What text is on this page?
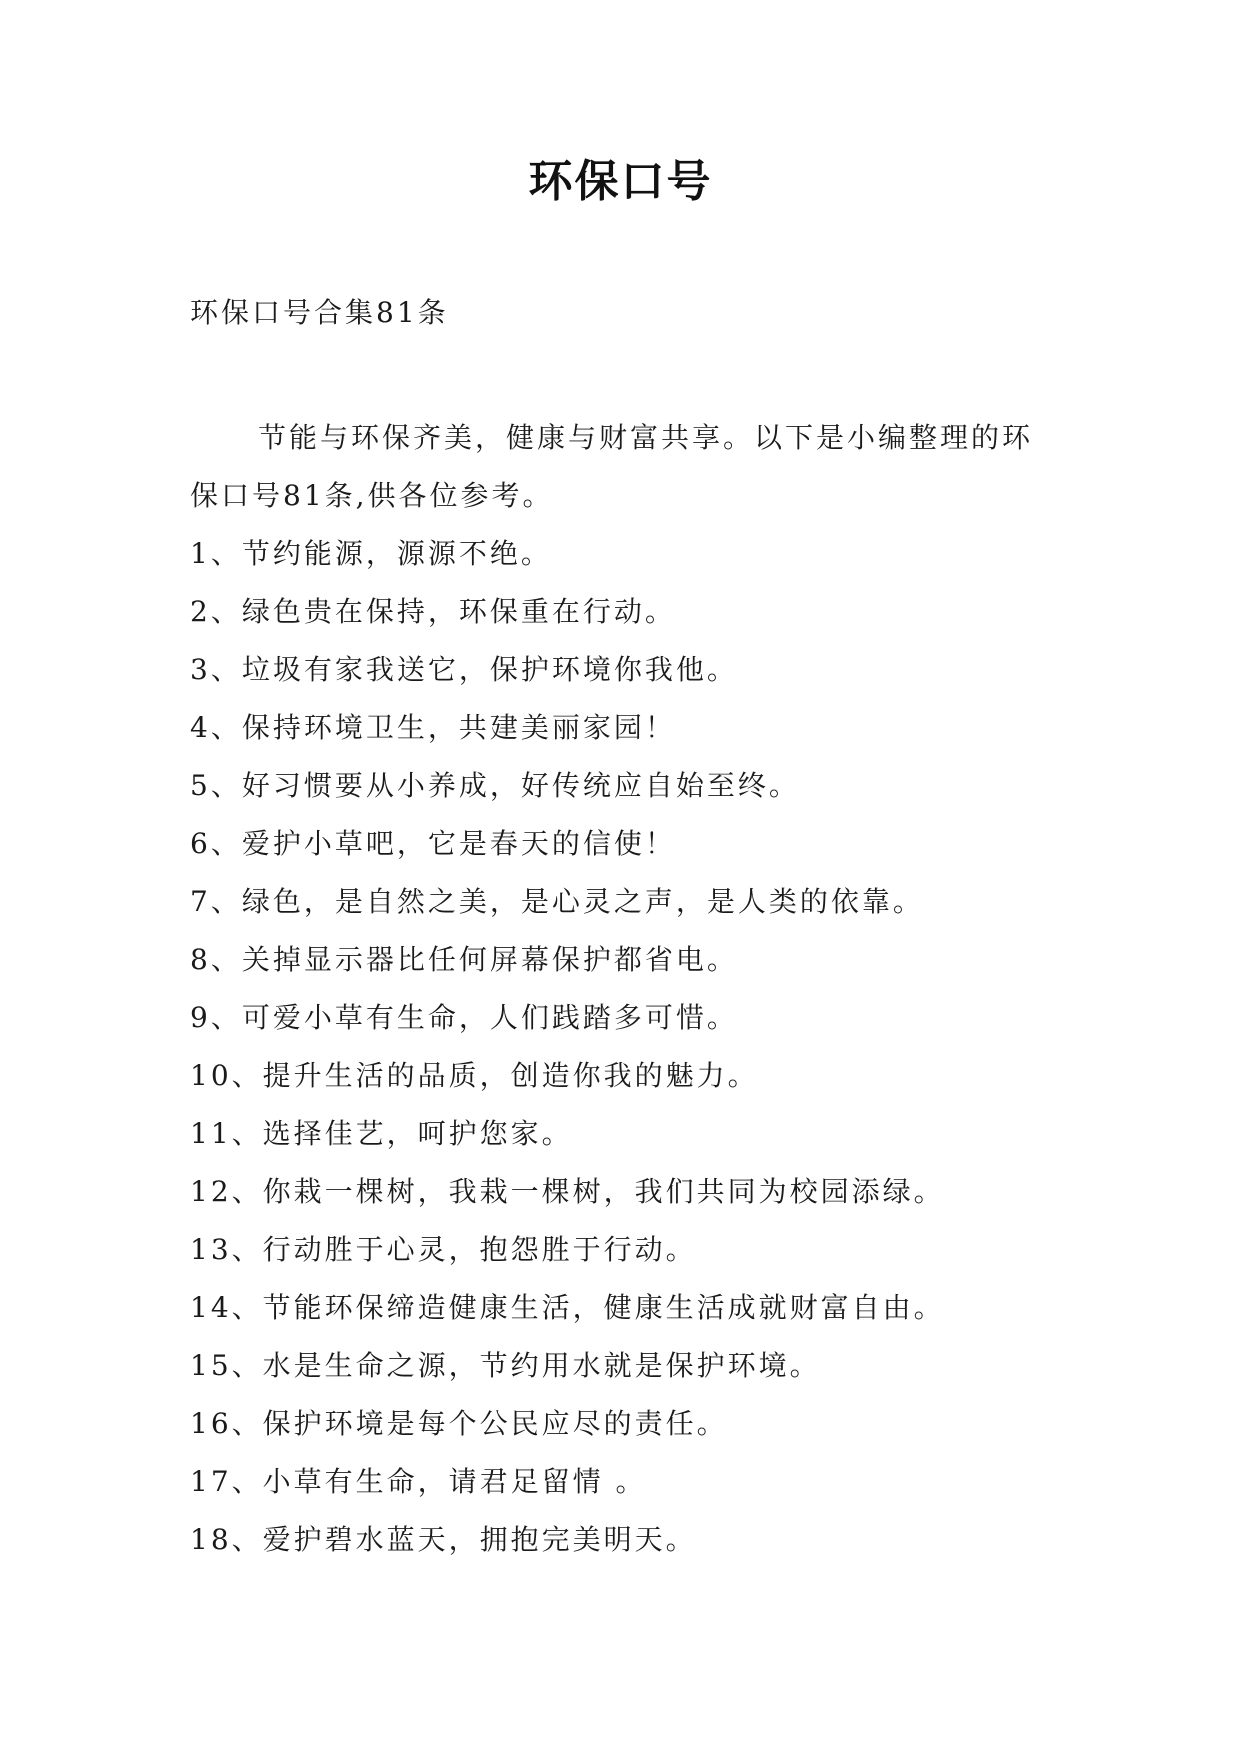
环保口号

环保口号合集81条

节能与环保齐美，健康与财富共享。以下是小编整理的环保口号81条,供各位参考。

1、节约能源，源源不绝。
2、绿色贵在保持，环保重在行动。
3、垃圾有家我送它，保护环境你我他。
4、保持环境卫生，共建美丽家园！
5、好习惯要从小养成，好传统应自始至终。
6、爱护小草吧，它是春天的信使！
7、绿色，是自然之美，是心灵之声，是人类的依靠。
8、关掉显示器比任何屏幕保护都省电。
9、可爱小草有生命，人们践踏多可惜。
10、提升生活的品质，创造你我的魅力。
11、选择佳艺，呵护您家。
12、你栽一棵树，我栽一棵树，我们共同为校园添绿。
13、行动胜于心灵，抱怨胜于行动。
14、节能环保缔造健康生活，健康生活成就财富自由。
15、水是生命之源，节约用水就是保护环境。
16、保护环境是每个公民应尽的责任。
17、小草有生命，请君足留情 。
18、爱护碧水蓝天，拥抱完美明天。
